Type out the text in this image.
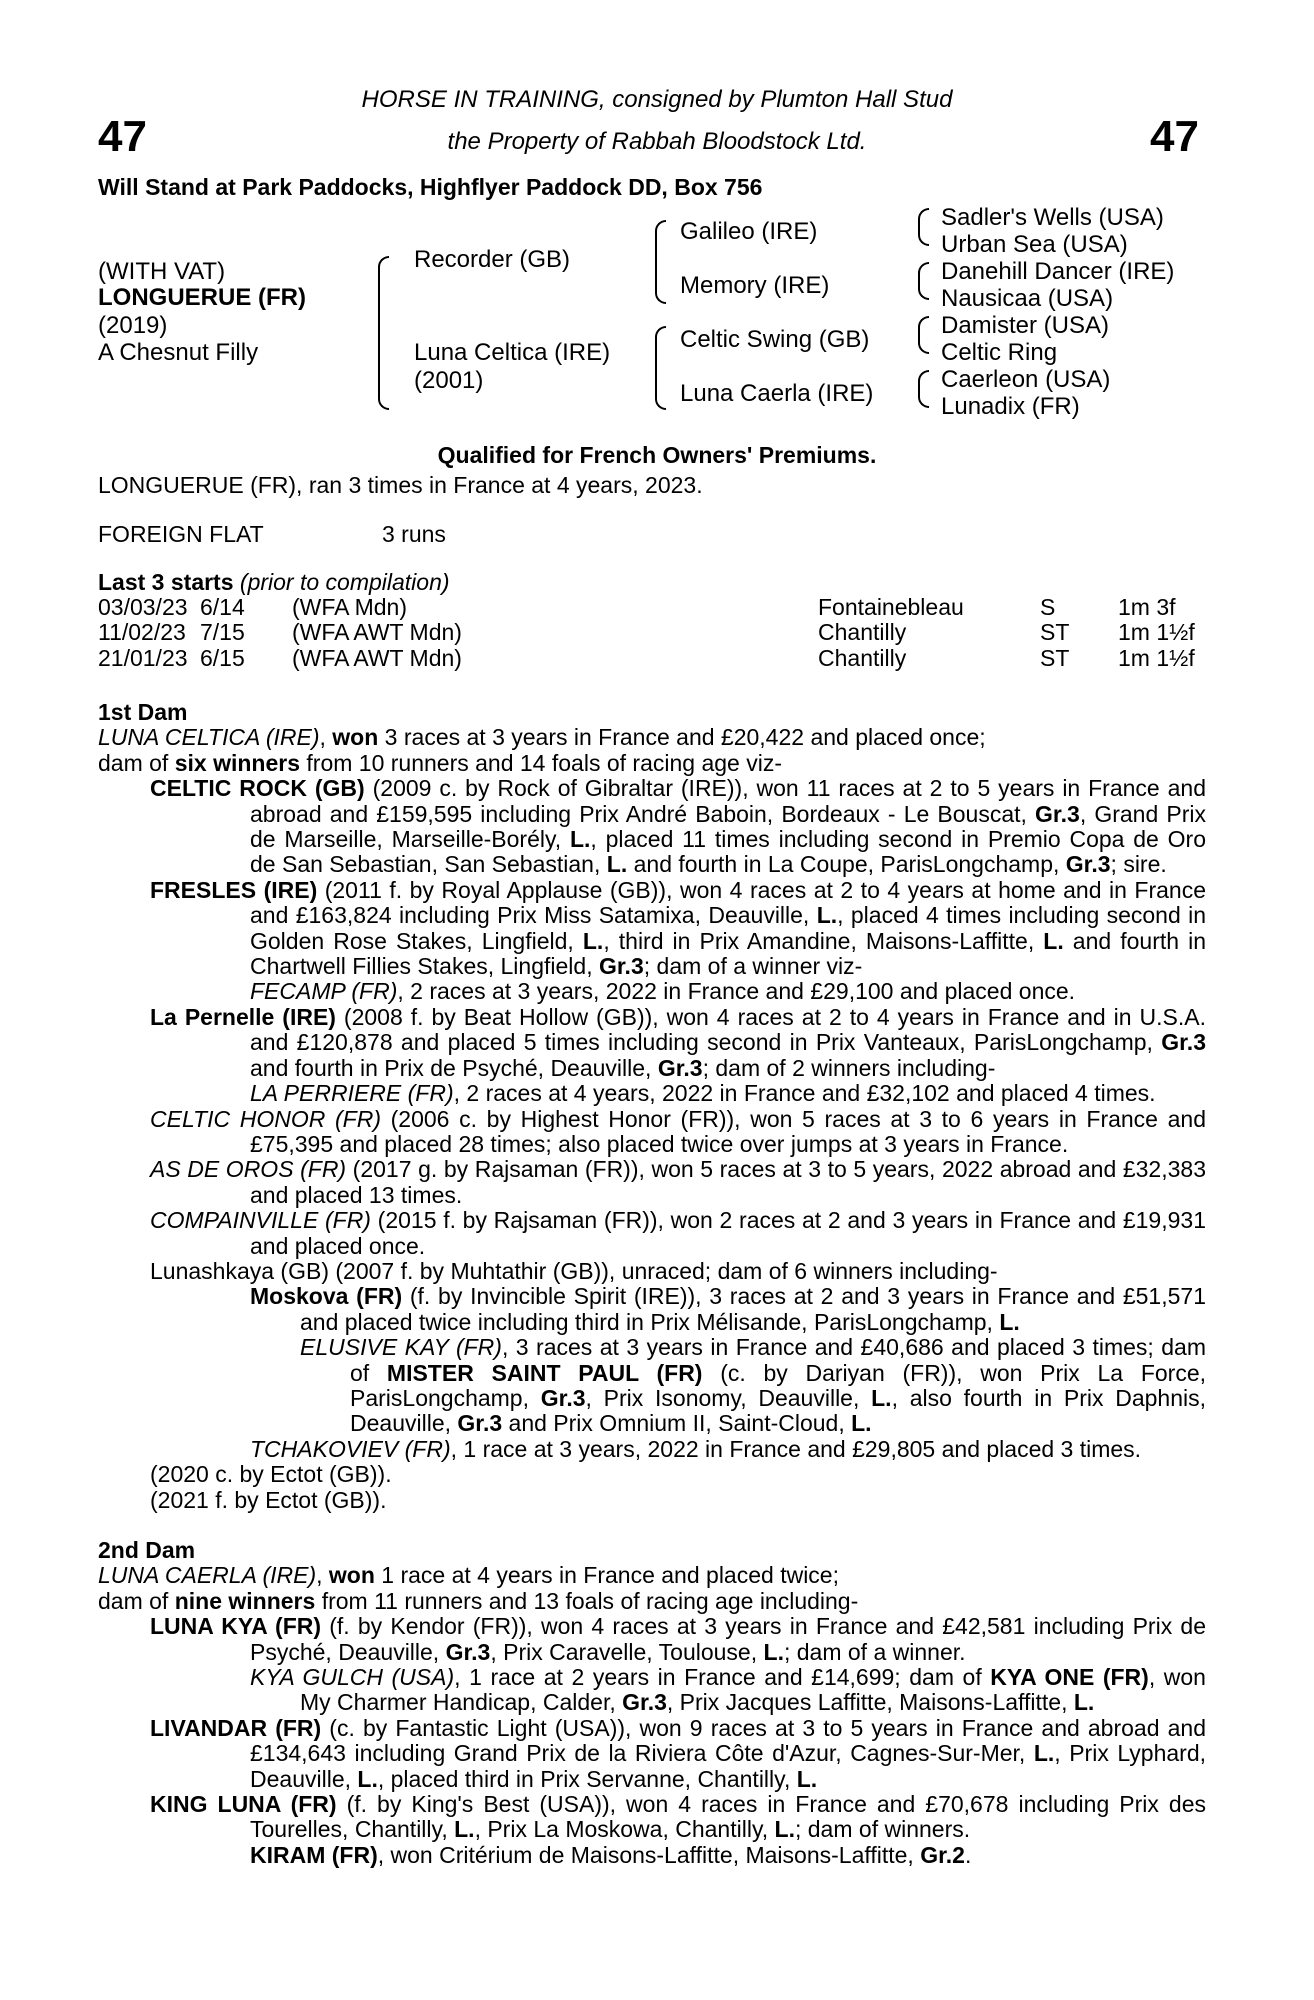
47	47
HORSE IN TRAINING, consigned by Plumton Hall Stud
the Property of Rabbah Bloodstock Ltd.
Will Stand at Park Paddocks, Highflyer Paddock DD, Box 756
(WITH VAT)
LONGUERUE (FR)
(2019)
A Chesnut Filly
Recorder (GB)
Luna Celtica (IRE)
(2001)
Galileo (IRE)
Memory (IRE)
Celtic Swing (GB)
Luna Caerla (IRE)
Sadler's Wells (USA)
Urban Sea (USA)
Danehill Dancer (IRE)
Nausicaa (USA)
Damister (USA)
Celtic Ring
Caerleon (USA)
Lunadix (FR)
Qualified for French Owners' Premiums.
LONGUERUE (FR), ran 3 times in France at 4 years, 2023.
FOREIGN FLAT	3 runs
Last 3 starts (prior to compilation)
03/03/23	6/14	(WFA Mdn)	Fontainebleau	S	1m 3f
11/02/23	7/15	(WFA AWT Mdn)	Chantilly	ST	1m 1½f
21/01/23	6/15	(WFA AWT Mdn)	Chantilly	ST	1m 1½f

1st Dam

LUNA CELTICA (IRE), won 3 races at 3 years in France and £20,422 and placed once;

dam of six winners from 10 runners and 14 foals of racing age viz-

CELTIC ROCK (GB) (2009 c. by Rock of Gibraltar (IRE)), won 11 races at 2 to 5 years in France and abroad and £159,595 including Prix André Baboin, Bordeaux - Le Bouscat, Gr.3, Grand Prix de Marseille, Marseille-Borély, L., placed 11 times including second in Premio Copa de Oro de San Sebastian, San Sebastian, L. and fourth in La Coupe, ParisLongchamp, Gr.3; sire.

FRESLES (IRE) (2011 f. by Royal Applause (GB)), won 4 races at 2 to 4 years at home and in France and £163,824 including Prix Miss Satamixa, Deauville, L., placed 4 times including second in Golden Rose Stakes, Lingfield, L., third in Prix Amandine, Maisons-Laffitte, L. and fourth in Chartwell Fillies Stakes, Lingfield, Gr.3; dam of a winner viz-

FECAMP (FR), 2 races at 3 years, 2022 in France and £29,100 and placed once.

La Pernelle (IRE) (2008 f. by Beat Hollow (GB)), won 4 races at 2 to 4 years in France and in U.S.A. and £120,878 and placed 5 times including second in Prix Vanteaux, ParisLongchamp, Gr.3 and fourth in Prix de Psyché, Deauville, Gr.3; dam of 2 winners including-

LA PERRIERE (FR), 2 races at 4 years, 2022 in France and £32,102 and placed 4 times.

CELTIC HONOR (FR) (2006 c. by Highest Honor (FR)), won 5 races at 3 to 6 years in France and £75,395 and placed 28 times; also placed twice over jumps at 3 years in France.

AS DE OROS (FR) (2017 g. by Rajsaman (FR)), won 5 races at 3 to 5 years, 2022 abroad and £32,383 and placed 13 times.

COMPAINVILLE (FR) (2015 f. by Rajsaman (FR)), won 2 races at 2 and 3 years in France and £19,931 and placed once.

Lunashkaya (GB) (2007 f. by Muhtathir (GB)), unraced; dam of 6 winners including-

Moskova (FR) (f. by Invincible Spirit (IRE)), 3 races at 2 and 3 years in France and £51,571 and placed twice including third in Prix Mélisande, ParisLongchamp, L.

ELUSIVE KAY (FR), 3 races at 3 years in France and £40,686 and placed 3 times; dam of MISTER SAINT PAUL (FR) (c. by Dariyan (FR)), won Prix La Force, ParisLongchamp, Gr.3, Prix Isonomy, Deauville, L., also fourth in Prix Daphnis, Deauville, Gr.3 and Prix Omnium II, Saint-Cloud, L.

TCHAKOVIEV (FR), 1 race at 3 years, 2022 in France and £29,805 and placed 3 times.

(2020 c. by Ectot (GB)).

(2021 f. by Ectot (GB)).

2nd Dam

LUNA CAERLA (IRE), won 1 race at 4 years in France and placed twice;

dam of nine winners from 11 runners and 13 foals of racing age including-

LUNA KYA (FR) (f. by Kendor (FR)), won 4 races at 3 years in France and £42,581 including Prix de Psyché, Deauville, Gr.3, Prix Caravelle, Toulouse, L.; dam of a winner.

KYA GULCH (USA), 1 race at 2 years in France and £14,699; dam of KYA ONE (FR), won My Charmer Handicap, Calder, Gr.3, Prix Jacques Laffitte, Maisons-Laffitte, L.

LIVANDAR (FR) (c. by Fantastic Light (USA)), won 9 races at 3 to 5 years in France and abroad and £134,643 including Grand Prix de la Riviera Côte d'Azur, Cagnes-Sur-Mer, L., Prix Lyphard, Deauville, L., placed third in Prix Servanne, Chantilly, L.

KING LUNA (FR) (f. by King's Best (USA)), won 4 races in France and £70,678 including Prix des Tourelles, Chantilly, L., Prix La Moskowa, Chantilly, L.; dam of winners.

KIRAM (FR), won Critérium de Maisons-Laffitte, Maisons-Laffitte, Gr.2.
